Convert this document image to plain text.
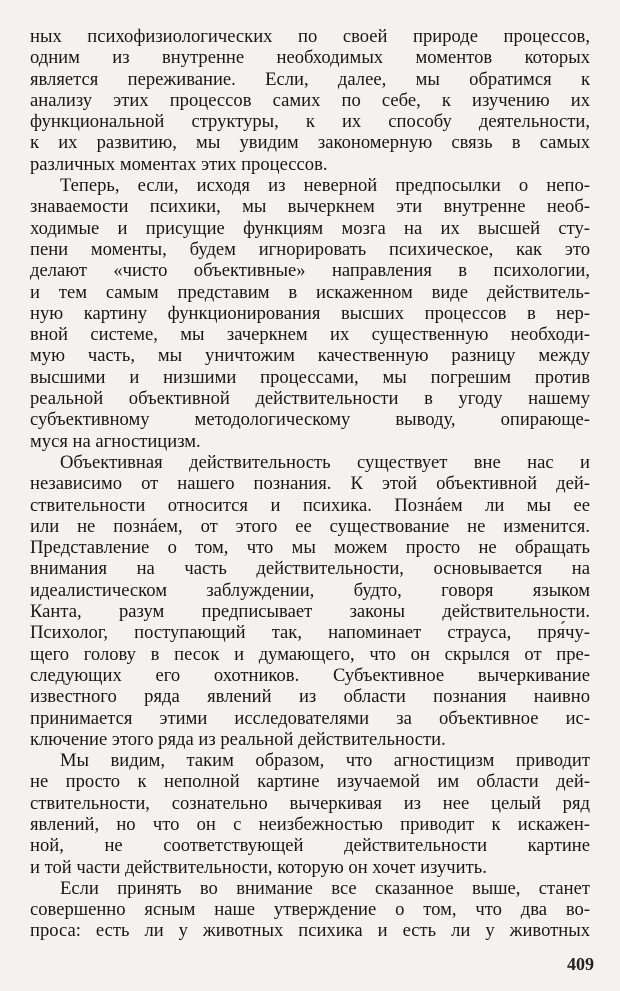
ных психофизиологических по своей природе процессов,
одним из внутренне необходимых моментов которых
является переживание. Если, далее, мы обратимся к
анализу этих процессов самих по себе, к изучению их
функциональной структуры, к их способу деятельности,
к их развитию, мы увидим закономерную связь в самых
различных моментах этих процессов.
Теперь, если, исходя из неверной предпосылки о непо-
знаваемости психики, мы вычеркнем эти внутренне необ-
ходимые и присущие функциям мозга на их высшей сту-
пени моменты, будем игнорировать психическое, как это
делают «чисто объективные» направления в психологии,
и тем самым представим в искаженном виде действитель-
ную картину функционирования высших процессов в нер-
вной системе, мы зачеркнем их существенную необходи-
мую часть, мы уничтожим качественную разницу между
высшими и низшими процессами, мы погрешим против
реальной объективной действительности в угоду нашему
субъективному методологическому выводу, опирающе-
муся на агностицизм.
Объективная действительность существует вне нас и
независимо от нашего познания. К этой объективной дей-
ствительности относится и психика. Познáем ли мы ее
или не познáем, от этого ее существование не изменится.
Представление о том, что мы можем просто не обращать
внимания на часть действительности, основывается на
идеалистическом заблуждении, будто, говоря языком
Канта, разум предписывает законы действительности.
Психолог, поступающий так, напоминает страуса, пря́чу-
щего голову в песок и думающего, что он скрылся от пре-
следующих его охотников. Субъективное вычеркивание
известного ряда явлений из области познания наивно
принимается этими исследователями за объективное ис-
ключение этого ряда из реальной действительности.
Мы видим, таким образом, что агностицизм приводит
не просто к неполной картине изучаемой им области дей-
ствительности, сознательно вычеркивая из нее целый ряд
явлений, но что он с неизбежностью приводит к искажен-
ной, не соответствующей действительности картине
и той части действительности, которую он хочет изучить.
Если принять во внимание все сказанное выше, станет
совершенно ясным наше утверждение о том, что два во-
проса: есть ли у животных психика и есть ли у животных
409
